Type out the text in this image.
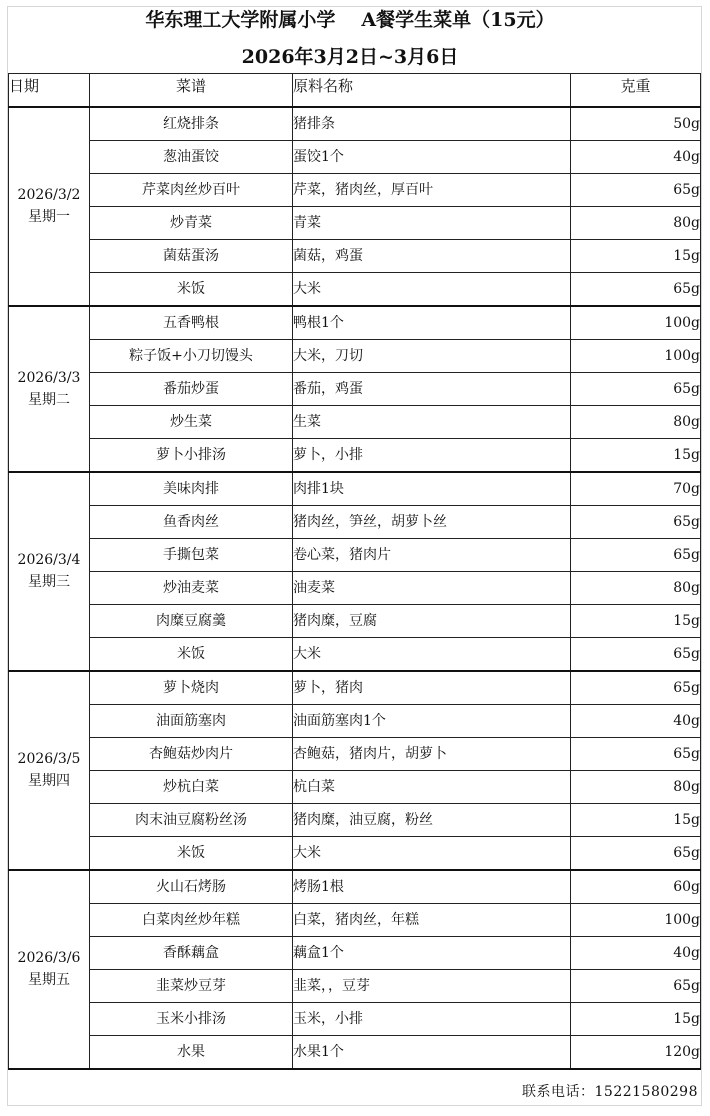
华东理工大学附属小学 A餐学生菜单（15元）
2026年3月2日~3月6日
日期	菜谱	原料名称	克重

2026/3/2
星期一	红烧排条	猪排条	50g
	葱油蛋饺	蛋饺1个	40g
	芹菜肉丝炒百叶	芹菜，猪肉丝，厚百叶	65g
	炒青菜	青菜	80g
	菌菇蛋汤	菌菇，鸡蛋	15g
	米饭	大米	65g

2026/3/3
星期二	五香鸭根	鸭根1个	100g
	粽子饭+小刀切馒头	大米，刀切	100g
	番茄炒蛋	番茄，鸡蛋	65g
	炒生菜	生菜	80g
	萝卜小排汤	萝卜，小排	15g

2026/3/4
星期三	美味肉排	肉排1块	70g
	鱼香肉丝	猪肉丝，笋丝，胡萝卜丝	65g
	手撕包菜	卷心菜，猪肉片	65g
	炒油麦菜	油麦菜	80g
	肉糜豆腐羹	猪肉糜，豆腐	15g
	米饭	大米	65g

2026/3/5
星期四	萝卜烧肉	萝卜，猪肉	65g
	油面筋塞肉	油面筋塞肉1个	40g
	杏鲍菇炒肉片	杏鲍菇，猪肉片，胡萝卜	65g
	炒杭白菜	杭白菜	80g
	肉末油豆腐粉丝汤	猪肉糜，油豆腐，粉丝	15g
	米饭	大米	65g

2026/3/6
星期五	火山石烤肠	烤肠1根	60g
	白菜肉丝炒年糕	白菜，猪肉丝，年糕	100g
	香酥藕盒	藕盒1个	40g
	韭菜炒豆芽	韭菜，，豆芽	65g
	玉米小排汤	玉米，小排	15g
	水果	水果1个	120g
联系电话：15221580298
